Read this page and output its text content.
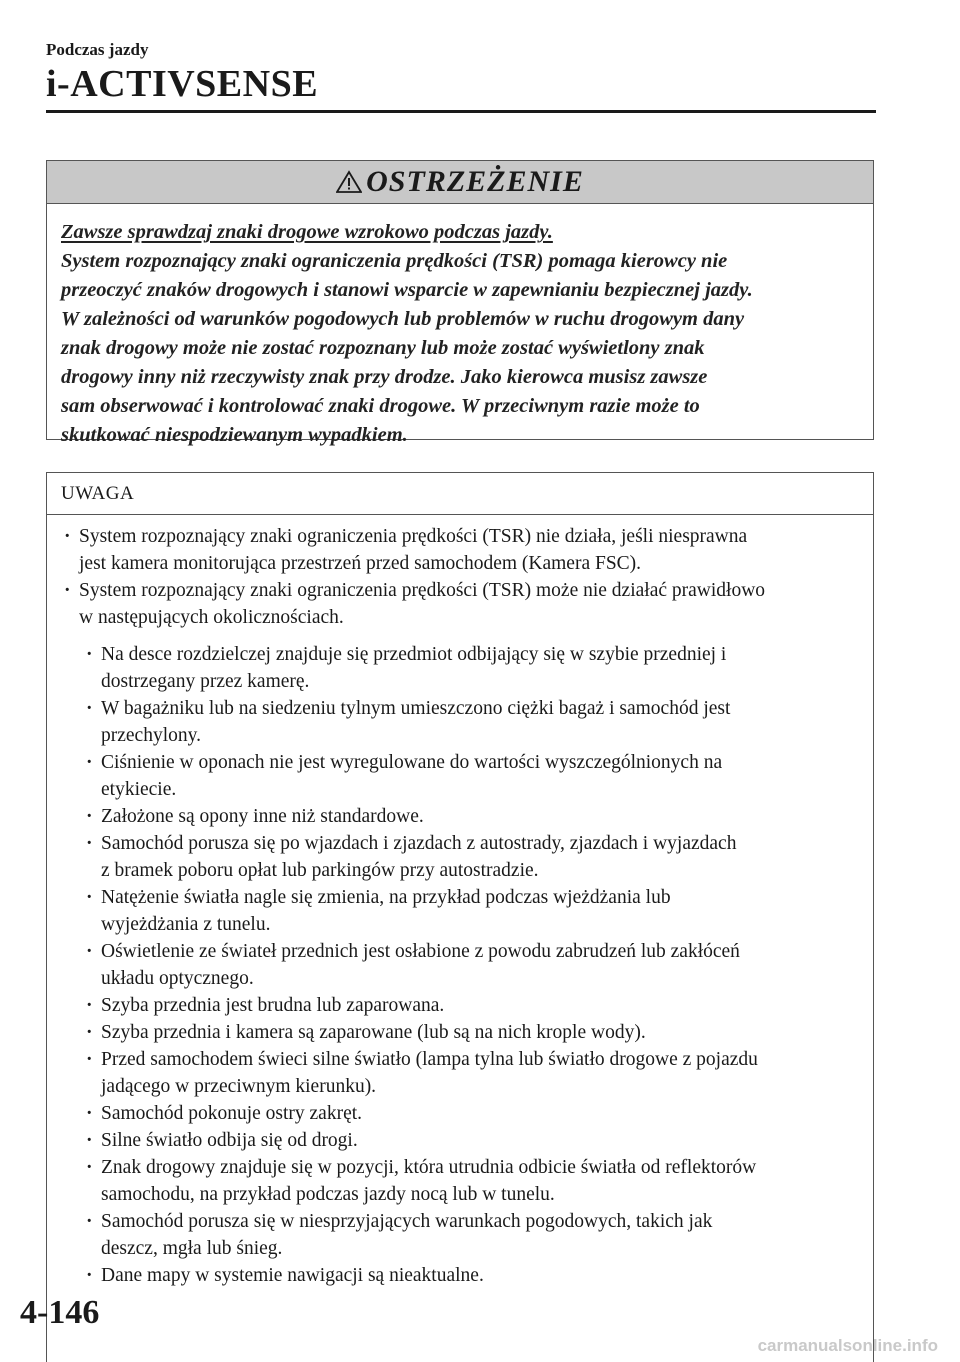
Podczas jazdy
i-ACTIVSENSE
OSTRZEŻENIE
Zawsze sprawdzaj znaki drogowe wzrokowo podczas jazdy.
System rozpoznający znaki ograniczenia prędkości (TSR) pomaga kierowcy nie
przeoczyć znaków drogowych i stanowi wsparcie w zapewnianiu bezpiecznej jazdy.
W zależności od warunków pogodowych lub problemów w ruchu drogowym dany
znak drogowy może nie zostać rozpoznany lub może zostać wyświetlony znak
drogowy inny niż rzeczywisty znak przy drodze. Jako kierowca musisz zawsze
sam obserwować i kontrolować znaki drogowe. W przeciwnym razie może to
skutkować niespodziewanym wypadkiem.
UWAGA
· System rozpoznający znaki ograniczenia prędkości (TSR) nie działa, jeśli niesprawna
jest kamera monitorująca przestrzeń przed samochodem (Kamera FSC).
· System rozpoznający znaki ograniczenia prędkości (TSR) może nie działać prawidłowo
w następujących okolicznościach.
· Na desce rozdzielczej znajduje się przedmiot odbijający się w szybie przedniej i
dostrzegany przez kamerę.
· W bagażniku lub na siedzeniu tylnym umieszczono ciężki bagaż i samochód jest
przechylony.
· Ciśnienie w oponach nie jest wyregulowane do wartości wyszczególnionych na
etykiecie.
· Założone są opony inne niż standardowe.
· Samochód porusza się po wjazdach i zjazdach z autostrady, zjazdach i wyjazdach
z bramek poboru opłat lub parkingów przy autostradzie.
· Natężenie światła nagle się zmienia, na przykład podczas wjeżdżania lub
wyjeżdżania z tunelu.
· Oświetlenie ze świateł przednich jest osłabione z powodu zabrudzeń lub zakłóceń
układu optycznego.
· Szyba przednia jest brudna lub zaparowana.
· Szyba przednia i kamera są zaparowane (lub są na nich krople wody).
· Przed samochodem świeci silne światło (lampa tylna lub światło drogowe z pojazdu
jadącego w przeciwnym kierunku).
· Samochód pokonuje ostry zakręt.
· Silne światło odbija się od drogi.
· Znak drogowy znajduje się w pozycji, która utrudnia odbicie światła od reflektorów
samochodu, na przykład podczas jazdy nocą lub w tunelu.
· Samochód porusza się w niesprzyjających warunkach pogodowych, takich jak
deszcz, mgła lub śnieg.
· Dane mapy w systemie nawigacji są nieaktualne.
4-146
carmanualsonline.info
